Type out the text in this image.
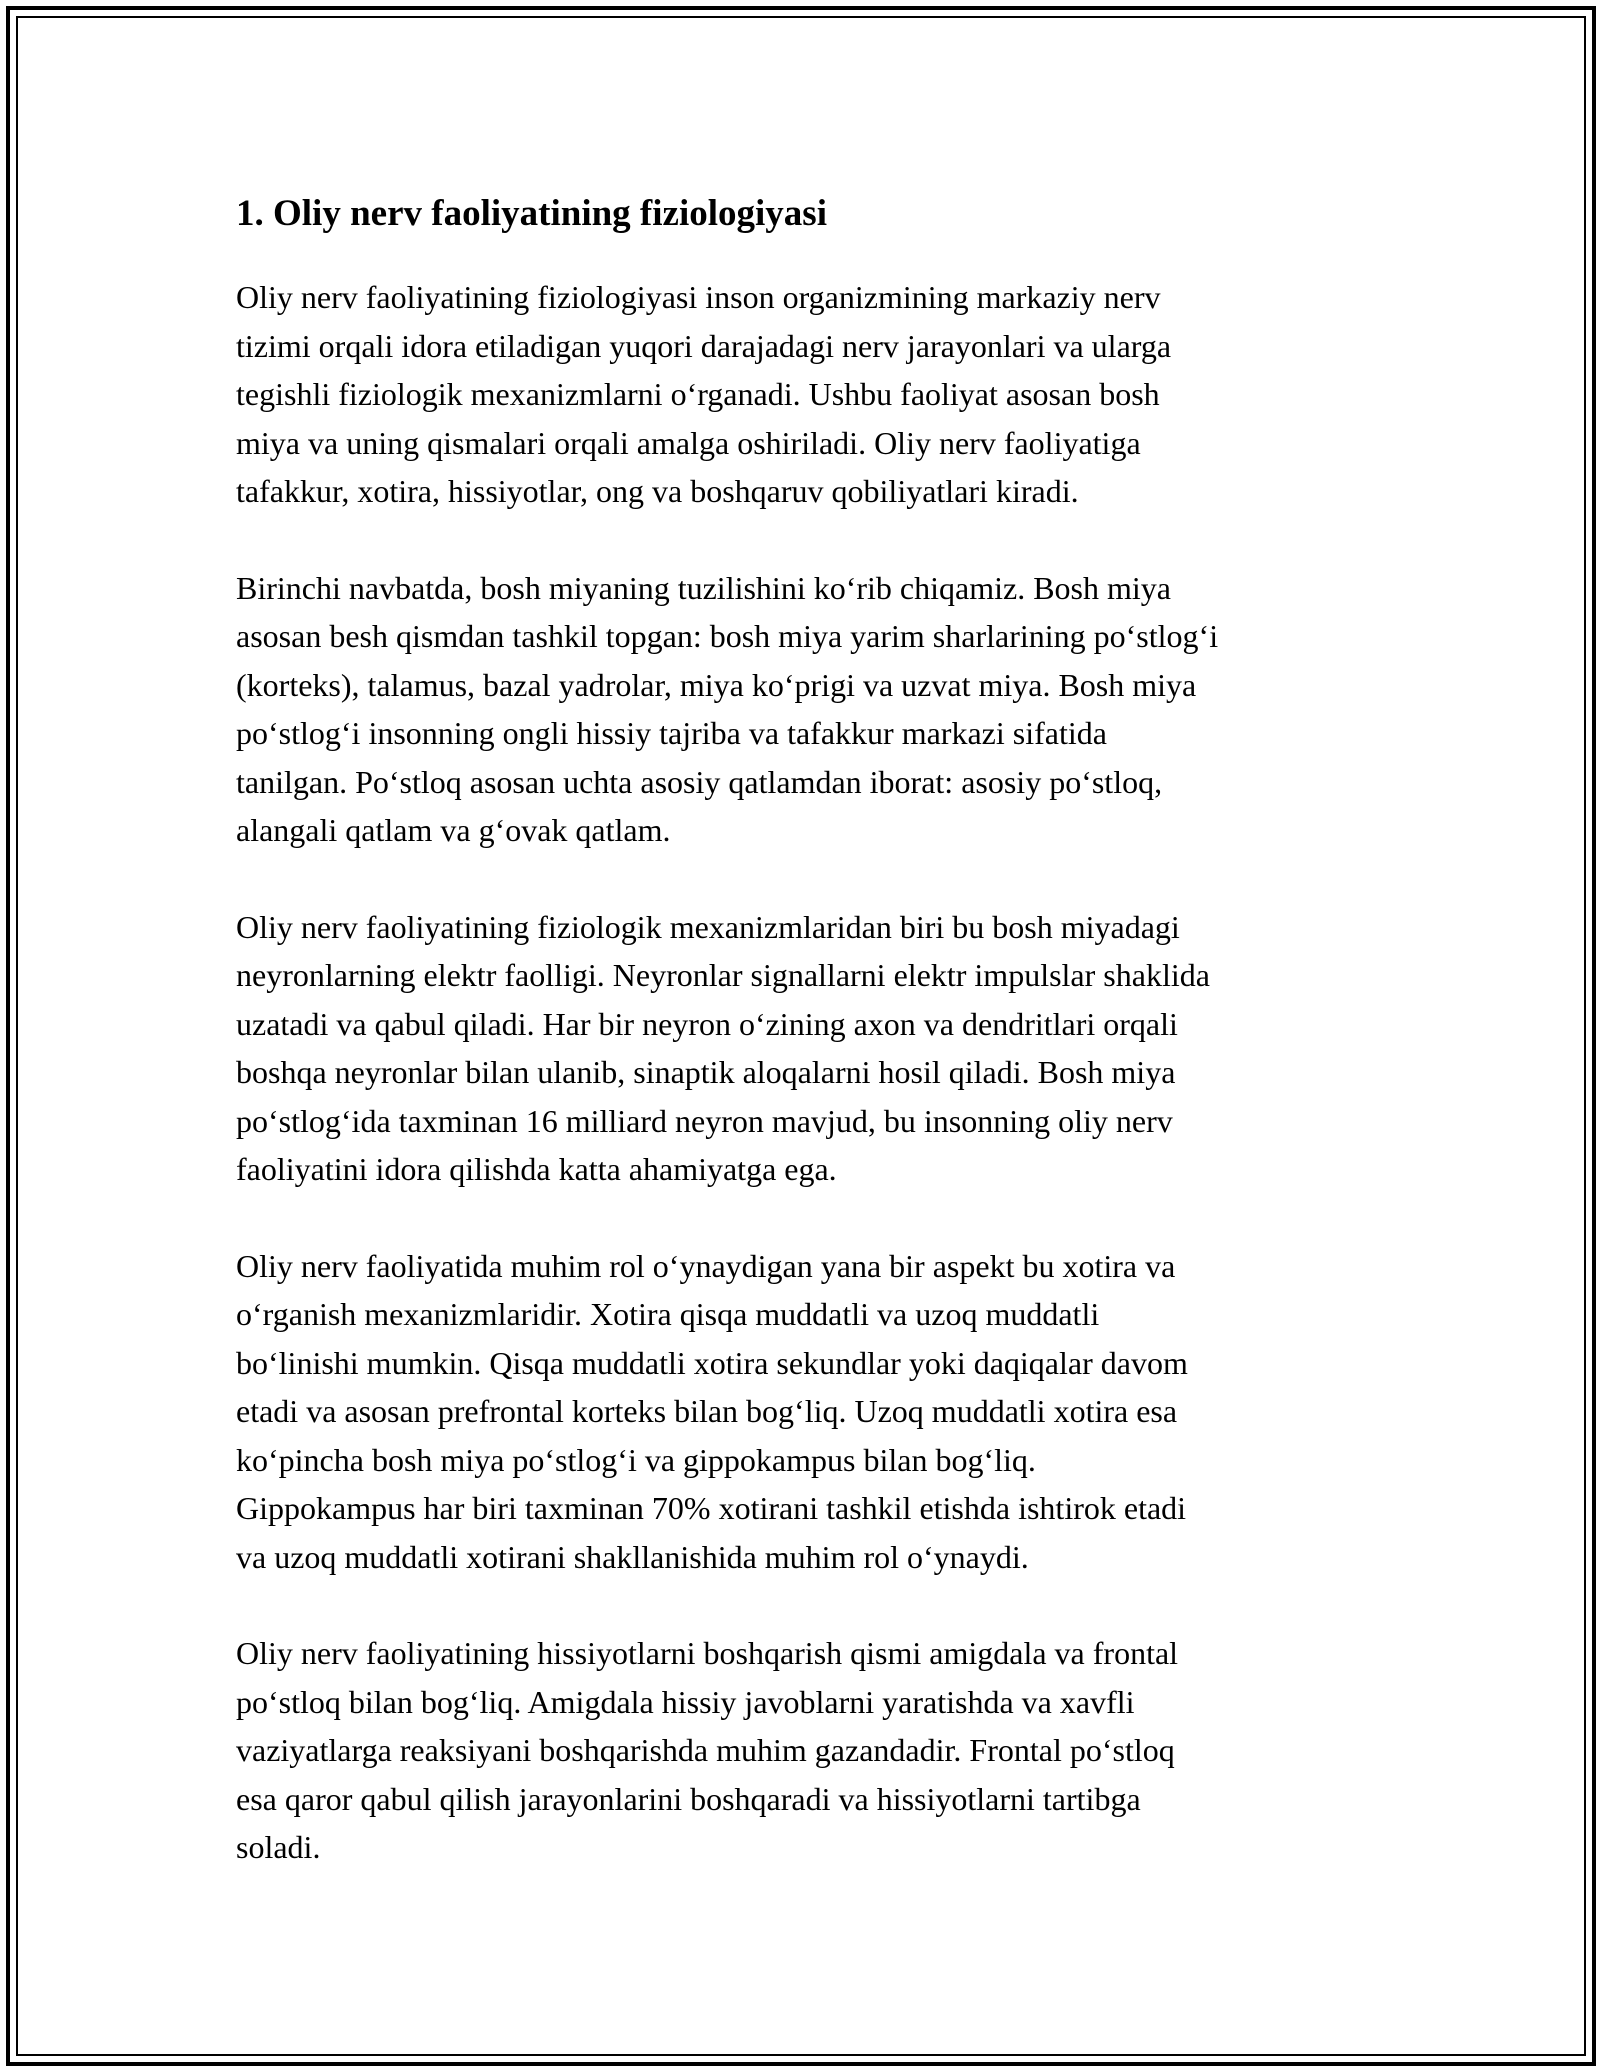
1. Oliy nerv faoliyatining fiziologiyasi

Oliy nerv faoliyatining fiziologiyasi inson organizmining markaziy nerv
tizimi orqali idora etiladigan yuqori darajadagi nerv jarayonlari va ularga
tegishli fiziologik mexanizmlarni o‘rganadi. Ushbu faoliyat asosan bosh
miya va uning qismalari orqali amalga oshiriladi. Oliy nerv faoliyatiga
tafakkur, xotira, hissiyotlar, ong va boshqaruv qobiliyatlari kiradi.

Birinchi navbatda, bosh miyaning tuzilishini ko‘rib chiqamiz. Bosh miya
asosan besh qismdan tashkil topgan: bosh miya yarim sharlarining po‘stlog‘i
(korteks), talamus, bazal yadrolar, miya ko‘prigi va uzvat miya. Bosh miya
po‘stlog‘i insonning ongli hissiy tajriba va tafakkur markazi sifatida
tanilgan. Po‘stloq asosan uchta asosiy qatlamdan iborat: asosiy po‘stloq,
alangali qatlam va g‘ovak qatlam.

Oliy nerv faoliyatining fiziologik mexanizmlaridan biri bu bosh miyadagi
neyronlarning elektr faolligi. Neyronlar signallarni elektr impulslar shaklida
uzatadi va qabul qiladi. Har bir neyron o‘zining axon va dendritlari orqali
boshqa neyronlar bilan ulanib, sinaptik aloqalarni hosil qiladi. Bosh miya
po‘stlog‘ida taxminan 16 milliard neyron mavjud, bu insonning oliy nerv
faoliyatini idora qilishda katta ahamiyatga ega.

Oliy nerv faoliyatida muhim rol o‘ynaydigan yana bir aspekt bu xotira va
o‘rganish mexanizmlaridir. Xotira qisqa muddatli va uzoq muddatli
bo‘linishi mumkin. Qisqa muddatli xotira sekundlar yoki daqiqalar davom
etadi va asosan prefrontal korteks bilan bog‘liq. Uzoq muddatli xotira esa
ko‘pincha bosh miya po‘stlog‘i va gippokampus bilan bog‘liq.
Gippokampus har biri taxminan 70% xotirani tashkil etishda ishtirok etadi
va uzoq muddatli xotirani shakllanishida muhim rol o‘ynaydi.

Oliy nerv faoliyatining hissiyotlarni boshqarish qismi amigdala va frontal
po‘stloq bilan bog‘liq. Amigdala hissiy javoblarni yaratishda va xavfli
vaziyatlarga reaksiyani boshqarishda muhim gazandadir. Frontal po‘stloq
esa qaror qabul qilish jarayonlarini boshqaradi va hissiyotlarni tartibga
soladi.
